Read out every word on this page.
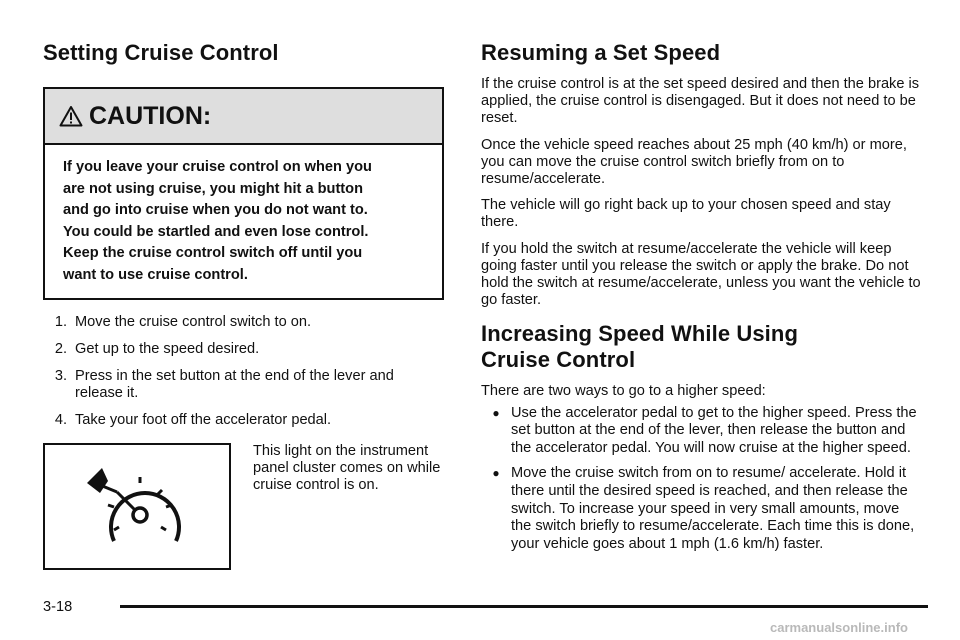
Setting Cruise Control
CAUTION:
If you leave your cruise control on when you
are not using cruise, you might hit a button
and go into cruise when you do not want to.
You could be startled and even lose control.
Keep the cruise control switch off until you
want to use cruise control.
1. Move the cruise control switch to on.
2. Get up to the speed desired.
3. Press in the set button at the end of the lever and release it.
4. Take your foot off the accelerator pedal.
This light on the instrument panel cluster comes on while cruise control is on.
Resuming a Set Speed

If the cruise control is at the set speed desired and then the brake is applied, the cruise control is disengaged. But it does not need to be reset.

Once the vehicle speed reaches about 25 mph (40 km/h) or more, you can move the cruise control switch briefly from on to resume/accelerate.

The vehicle will go right back up to your chosen speed and stay there.

If you hold the switch at resume/accelerate the vehicle will keep going faster until you release the switch or apply the brake. Do not hold the switch at resume/accelerate, unless you want the vehicle to go faster.

Increasing Speed While Using
Cruise Control

There are two ways to go to a higher speed:

● Use the accelerator pedal to get to the higher speed. Press the set button at the end of the lever, then release the button and the accelerator pedal. You will now cruise at the higher speed.
● Move the cruise switch from on to resume/ accelerate. Hold it there until the desired speed is reached, and then release the switch. To increase your speed in very small amounts, move the switch briefly to resume/accelerate. Each time this is done, your vehicle goes about 1 mph (1.6 km/h) faster.
3-18
carmanualsonline.info
